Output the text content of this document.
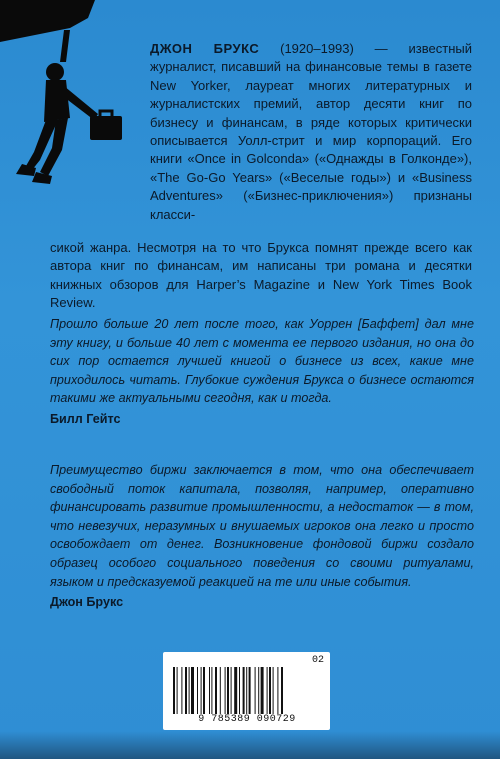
ДЖОН БРУКС (1920–1993) — известный журналист, писавший на финансовые темы в газете New Yorker, лауреат многих литературных и журналистских премий, автор десяти книг по бизнесу и финансам, в ряде которых критически описывается Уолл-стрит и мир корпораций. Его книги «Once in Golconda» («Однажды в Голконде»), «The Go-Go Years» («Веселые годы») и «Business Adventures» («Бизнес-приключения») признаны класси-
сикой жанра. Несмотря на то что Брукса помнят прежде всего как автора книг по финансам, им написаны три романа и десятки книжных обзоров для Harper’s Magazine и New York Times Book Review.
Прошло больше 20 лет после того, как Уоррен [Баффет] дал мне эту книгу, и больше 40 лет с момента ее первого издания, но она до сих пор остается лучшей книгой о бизнесе из всех, какие мне приходилось читать. Глубокие суждения Брукса о бизнесе остаются такими же актуальными сегодня, как и тогда.
Билл Гейтс
Преимущество биржи заключается в том, что она обеспечивает свободный поток капитала, позволяя, например, оперативно финансировать развитие промышленности, а недостаток — в том, что невезучих, неразумных и внушаемых игроков она легко и просто освобождает от денег. Возникновение фондовой биржи создало образец особого социального поведения со своими ритуалами, языком и предсказуемой реакцией на те или иные события.
Джон Брукс
02
9 785389 090729
